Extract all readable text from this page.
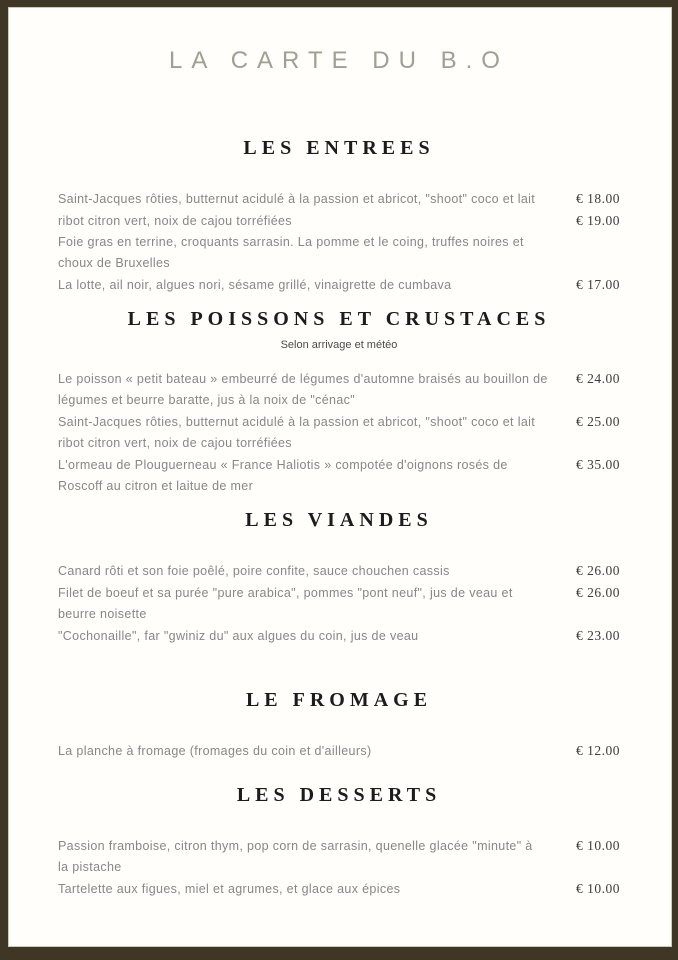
LA CARTE DU B.O
LES ENTREES
Saint-Jacques rôties, butternut acidulé à la passion et abricot, "shoot" coco et lait	€ 18.00
ribot citron vert, noix de cajou torréfiées	€ 19.00
Foie gras en terrine, croquants sarrasin. La pomme et le coing, truffes noires et
choux de Bruxelles
La lotte, ail noir, algues nori, sésame grillé, vinaigrette de cumbava	€ 17.00
LES POISSONS ET CRUSTACES
Selon arrivage et météo
Le poisson « petit bateau » embeurré de légumes d'automne braisés au bouillon de	€ 24.00
légumes et beurre baratte, jus à la noix de "cénac"
Saint-Jacques rôties, butternut acidulé à la passion et abricot, "shoot" coco et lait	€ 25.00
ribot citron vert, noix de cajou torréfiées
L'ormeau de Plouguerneau « France Haliotis » compotée d'oignons rosés de	€ 35.00
Roscoff au citron et laitue de mer
LES VIANDES
Canard rôti et son foie poêlé, poire confite, sauce chouchen cassis	€ 26.00
Filet de boeuf et sa purée "pure arabica", pommes "pont neuf", jus de veau et	€ 26.00
beurre noisette
"Cochonaille", far "gwiniz du" aux algues du coin, jus de veau	€ 23.00
LE FROMAGE
La planche à fromage (fromages du coin et d'ailleurs)	€ 12.00
LES DESSERTS
Passion framboise, citron thym, pop corn de sarrasin, quenelle glacée "minute" à	€ 10.00
la pistache
Tartelette aux figues, miel et agrumes, et glace aux épices	€ 10.00
